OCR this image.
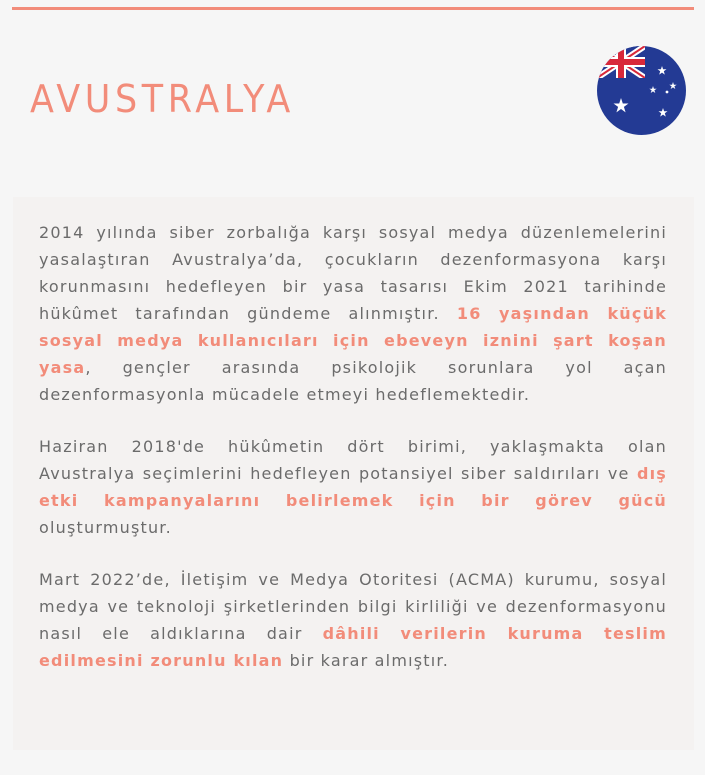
AVUSTRALYA

2014 yılında siber zorbalığa karşı sosyal medya düzenlemelerini yasalaştıran Avustralya’da, çocukların dezenformasyona karşı korunmasını hedefleyen bir yasa tasarısı Ekim 2021 tarihinde hükûmet tarafından gündeme alınmıştır. 16 yaşından küçük sosyal medya kullanıcıları için ebeveyn iznini şart koşan yasa, gençler arasında psikolojik sorunlara yol açan dezenformasyonla mücadele etmeyi hedeflemektedir.

Haziran 2018'de hükûmetin dört birimi, yaklaşmakta olan Avustralya seçimlerini hedefleyen potansiyel siber saldırıları ve dış etki kampanyalarını belirlemek için bir görev gücü oluşturmuştur.

Mart 2022’de, İletişim ve Medya Otoritesi (ACMA) kurumu, sosyal medya ve teknoloji şirketlerinden bilgi kirliliği ve dezenformasyonu nasıl ele aldıklarına dair dâhili verilerin kuruma teslim edilmesini zorunlu kılan bir karar almıştır.
